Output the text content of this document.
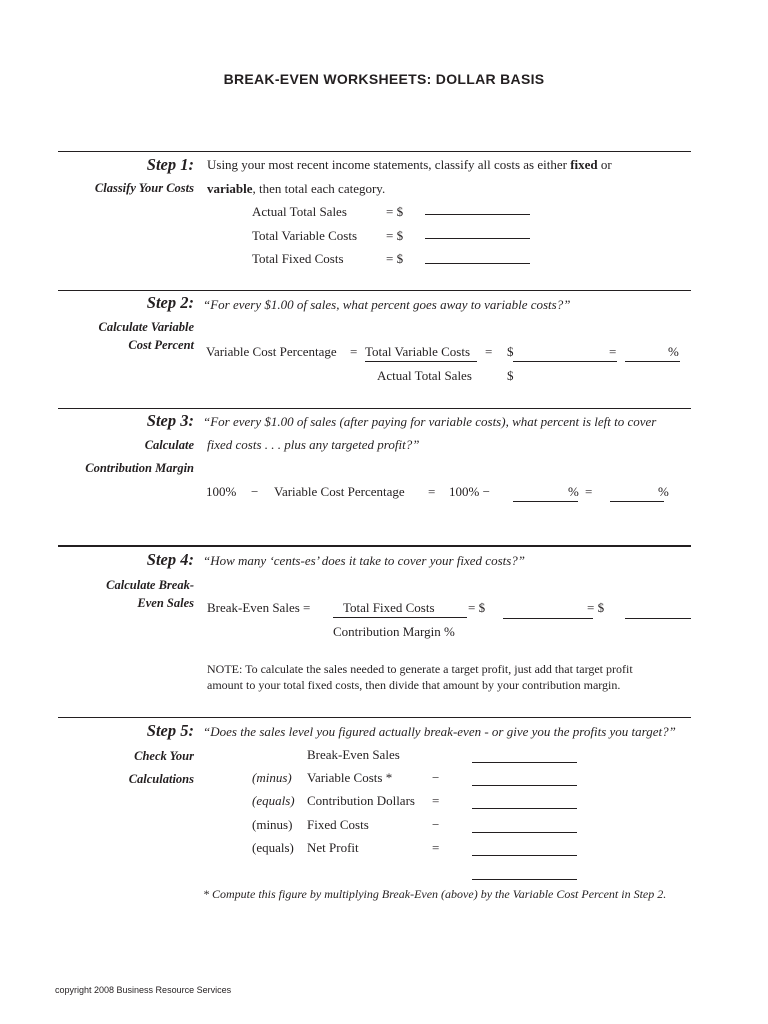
BREAK-EVEN WORKSHEETS: DOLLAR BASIS
Step 1:
Classify Your Costs
Using your most recent income statements, classify all costs as either fixed or
variable, then total each category.
Actual Total Sales	= $
Total Variable Costs = $
Total Fixed Costs	= $
Step 2: “For every $1.00 of sales, what percent goes away to variable costs?”
Calculate Variable
Cost Percent Variable Cost Percentage = Total Variable Costs = $	=	%
Actual Total Sales	$
Step 3: “For every $1.00 of sales (after paying for variable costs), what percent is left to cover
fixed costs . . . plus any targeted profit?”
Calculate
Contribution Margin
100% − Variable Cost Percentage = 100% −	% =	%
Step 4: “How many ‘cents-es’ does it take to cover your fixed costs?”
Calculate Break-
Even Sales Break-Even Sales =	Total Fixed Costs	= $	= $
Contribution Margin %
NOTE: To calculate the sales needed to generate a target profit, just add that target profit
amount to your total fixed costs, then divide that amount by your contribution margin.
Step 5: “Does the sales level you figured actually break-even - or give you the profits you target?”
Check Your
Calculations
Break-Even Sales
(minus) Variable Costs *	−
(equals) Contribution Dollars =
(minus) Fixed Costs	−
(equals) Net Profit	=
* Compute this figure by multiplying Break-Even (above) by the Variable Cost Percent in Step 2.
copyright 2008 Business Resource Services
